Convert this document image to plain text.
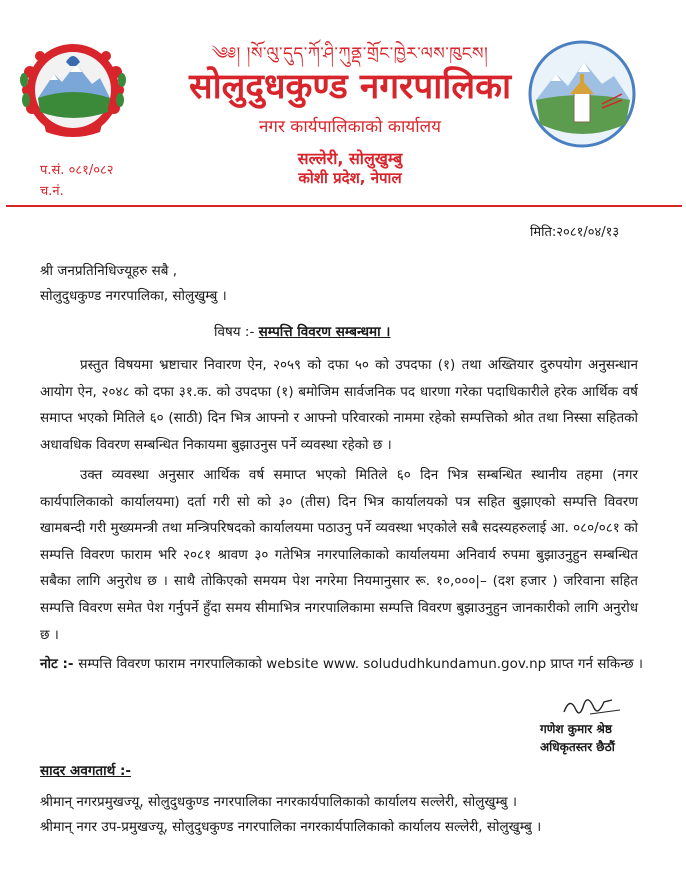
༄༅། །སོ་ལུ་དུད་ཀོ་ཤི་ཀུནྡ་གྲོང་ཁྱེར་ལས་ཁུངས།
सोलुदुधकुण्ड नगरपालिका
नगर कार्यपालिकाको कार्यालय
सल्लेरी, सोलुखुम्बु
कोशी प्रदेश, नेपाल
प.सं. ०८१/०८२
च.नं.
मिति:२०८१/०४/१३
श्री जनप्रतिनिधिज्यूहरु सबै ,
सोलुदुधकुण्ड नगरपालिका, सोलुखुम्बु ।
विषय :- सम्पत्ति विवरण सम्बन्धमा ।
प्रस्तुत विषयमा भ्रष्टाचार निवारण ऐन, २०५९ को दफा ५० को उपदफा (१) तथा अख्तियार दुरुपयोग अनुसन्धान आयोग ऐन, २०४८ को दफा ३१.क. को उपदफा (१) बमोजिम सार्वजनिक पद धारणा गरेका पदाधिकारीले हरेक आर्थिक वर्ष समाप्त भएको मितिले ६० (साठी) दिन भित्र आफ्नो र आफ्नो परिवारको नाममा रहेको सम्पत्तिको श्रोत तथा निस्सा सहितको अधावधिक विवरण सम्बन्धित निकायमा बुझाउनुस पर्ने व्यवस्था रहेको छ ।
उक्त व्यवस्था अनुसार आर्थिक वर्ष समाप्त भएको मितिले ६० दिन भित्र सम्बन्धित स्थानीय तहमा (नगर कार्यपालिकाको कार्यालयमा) दर्ता गरी सो को ३० (तीस) दिन भित्र कार्यालयको पत्र सहित बुझाएको सम्पत्ति विवरण खामबन्दी गरी मुख्यमन्त्री तथा मन्त्रिपरिषदको कार्यालयमा पठाउनु पर्ने व्यवस्था भएकोले सबै सदस्यहरुलाई आ. ०८०/०८१ को सम्पत्ति विवरण फाराम भरि २०८१ श्रावण ३० गतेभित्र नगरपालिकाको कार्यालयमा अनिवार्य रुपमा बुझाउनुहुन सम्बन्धित सबैका लागि अनुरोध छ । साथै तोकिएको समयम पेश नगरेमा नियमानुसार रू. १०,०००|– (दश हजार ) जरिवाना सहित सम्पत्ति विवरण समेत पेश गर्नुपर्ने हुँदा समय सीमाभित्र नगरपालिकामा सम्पत्ति विवरण बुझाउनुहुन जानकारीको लागि अनुरोध छ ।
नोट :- सम्पत्ति विवरण फाराम नगरपालिकाको website www. solududhkundamun.gov.np प्राप्त गर्न सकिन्छ ।
गणेश कुमार श्रेष्ठ
अधिकृतस्तर छैठौं
सादर अवगतार्थ :-
श्रीमान् नगरप्रमुखज्यू, सोलुदुधकुण्ड नगरपालिका नगरकार्यपालिकाको कार्यालय सल्लेरी, सोलुखुम्बु ।
श्रीमान् नगर उप-प्रमुखज्यू, सोलुदुधकुण्ड नगरपालिका नगरकार्यपालिकाको कार्यालय सल्लेरी, सोलुखुम्बु ।
